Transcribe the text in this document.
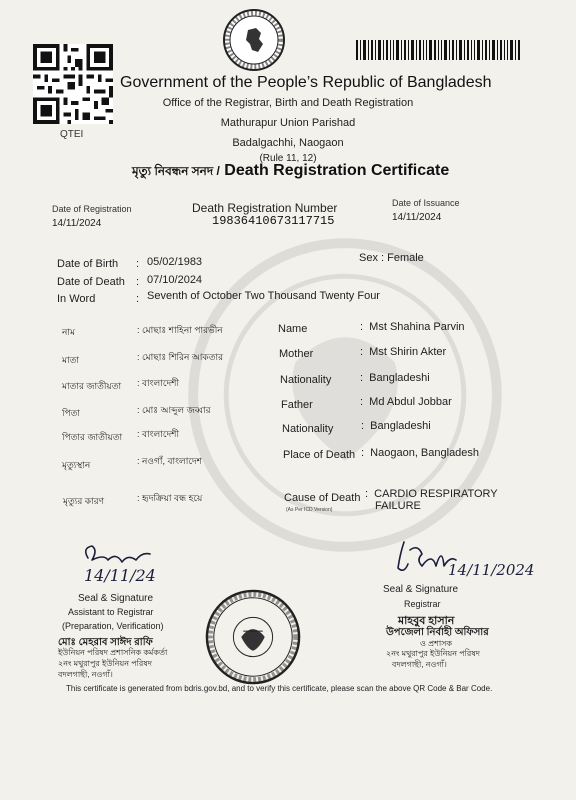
QTEI
Government of the People’s Republic of Bangladesh
Office of the Registrar, Birth and Death Registration
Mathurapur Union Parishad
Badalgachhi, Naogaon
(Rule 11, 12)
মৃত্যু নিবন্ধন সনদ / Death Registration Certificate
Date of Registration
14/11/2024
Death Registration Number
19836410673117715
Date of Issuance
14/11/2024
Date of Birth : 05/02/1983	Sex : Female
Date of Death : 07/10/2024
In Word	: Seventh of October Two Thousand Twenty Four
নাম	: মোছাঃ শাহিনা পারভীন	Name	:  Mst Shahina Parvin
মাতা	: মোছাঃ শিরিন আকতার	Mother	:  Mst Shirin Akter
মাতার জাতীয়তা : বাংলাদেশী	Nationality	:  Bangladeshi
পিতা	: মোঃ আব্দুল জব্বার	Father	:  Md Abdul Jobbar
পিতার জাতীয়তা : বাংলাদেশী	Nationality	:  Bangladeshi
মৃত্যুস্থান	: নওগাঁ, বাংলাদেশ	Place of Death :  Naogaon, Bangladesh
মৃত্যুর কারণ	: হৃদক্রিয়া বন্ধ হয়ে	Cause of Death
(As Per ICD Version)
:  CARDIO RESPIRATORY
FAILURE
14/11/24
Seal & Signature
Assistant to Registrar
(Preparation, Verification)
মোঃ মেহরাব সাঈদ রাফি
ইউনিয়ন পরিষদ প্রশাসনিক কর্মকর্তা
২নং মথুরাপুর ইউনিয়ন পরিষদ
বদলগাছী, নওগাঁ।
14/11/2024
Seal & Signature
Registrar
মাহবুব হাসান
উপজেলা নির্বাহী অফিসার
ও প্রশাসক
২নং মথুরাপুর ইউনিয়ন পরিষদ
বদলগাছী, নওগাঁ।
This certificate is generated from bdris.gov.bd, and to verify this certificate, please scan the above QR Code & Bar Code.
